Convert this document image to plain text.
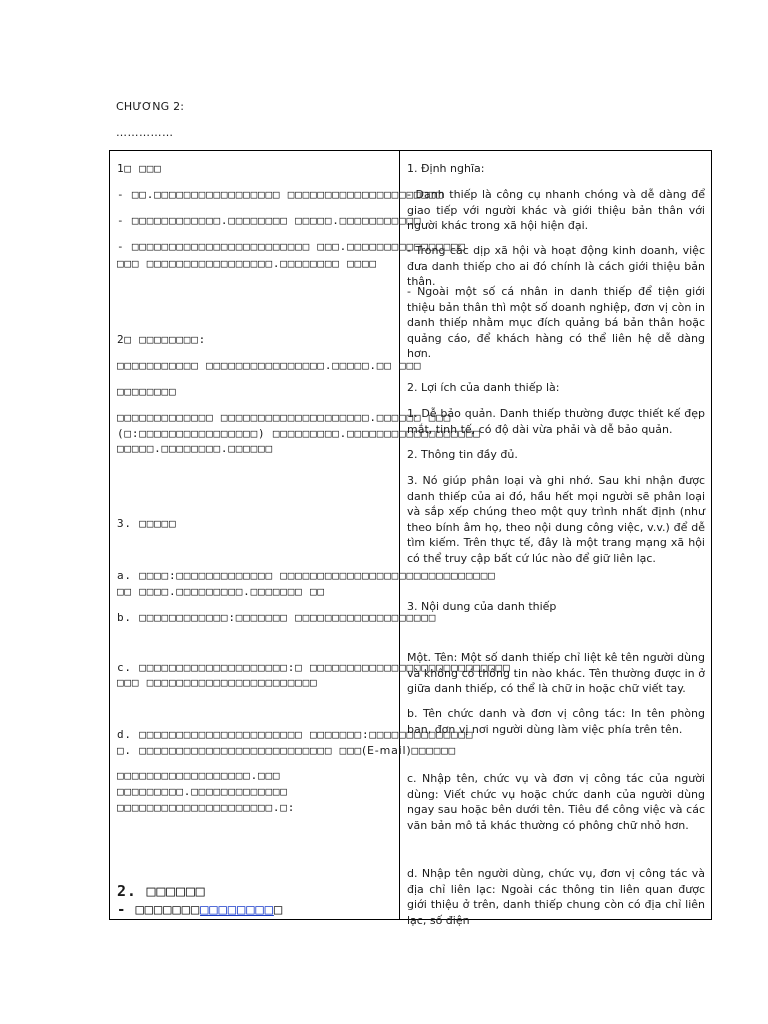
CHƯƠNG 2:
……………

1□ □□□

- □□.□□□□□□□□□□□□□□□□□ □□□□□□□□□□□□□□□□□□□□□

- □□□□□□□□□□□□.□□□□□□□□ □□□□□.□□□□□□□□□□□

- □□□□□□□□□□□□□□□□□□□□□□□□ □□□.□□□□□□□□□□□□□□□□

□□□ □□□□□□□□□□□□□□□□□.□□□□□□□□ □□□□

2□ □□□□□□□□:

□□□□□□□□□□□ □□□□□□□□□□□□□□□□.□□□□□.□□ □□□

□□□□□□□□

□□□□□□□□□□□□□ □□□□□□□□□□□□□□□□□□□□.□□□□□□ □□□

(□:□□□□□□□□□□□□□□□□) □□□□□□□□□.□□□□□□□□□□□□□□□□□□

□□□□□.□□□□□□□□.□□□□□□

3. □□□□□

a. □□□□:□□□□□□□□□□□□□ □□□□□□□□□□□□□□□□□□□□□□□□□□□□□

□□ □□□□.□□□□□□□□□.□□□□□□□ □□

b. □□□□□□□□□□□□:□□□□□□□ □□□□□□□□□□□□□□□□□□□

c. □□□□□□□□□□□□□□□□□□□□:□ □□□□□□□□□□□□□□□□□□□□□□□□□□□

□□□ □□□□□□□□□□□□□□□□□□□□□□□

d. □□□□□□□□□□□□□□□□□□□□□□ □□□□□□□:□□□□□□□□□□□□□□

□. □□□□□□□□□□□□□□□□□□□□□□□□□□ □□□(E-mail)□□□□□□

□□□□□□□□□□□□□□□□□□.□□□ □□□□□□□□□.□□□□□□□□□□□□□ □□□□□□□□□□□□□□□□□□□□□.□:

2. □□□□□□

- □□□□□□□□□□□□□□□□

1. Định nghĩa:

- Danh thiếp là công cụ nhanh chóng và dễ dàng để giao tiếp với người khác và giới thiệu bản thân với người khác trong xã hội hiện đại.

- Trong các dịp xã hội và hoạt động kinh doanh, việc đưa danh thiếp cho ai đó chính là cách giới thiệu bản thân.

- Ngoài một số cá nhân in danh thiếp để tiện giới thiệu bản thân thì một số doanh nghiệp, đơn vị còn in danh thiếp nhằm mục đích quảng bá bản thân hoặc quảng cáo, để khách hàng có thể liên hệ dễ dàng hơn.

2. Lợi ích của danh thiếp là:

1. Dễ bảo quản. Danh thiếp thường được thiết kế đẹp mắt, tinh tế, có độ dài vừa phải và dễ bảo quản.

2. Thông tin đầy đủ.

3. Nó giúp phân loại và ghi nhớ. Sau khi nhận được danh thiếp của ai đó, hầu hết mọi người sẽ phân loại và sắp xếp chúng theo một quy trình nhất định (như theo bính âm họ, theo nội dung công việc, v.v.) để dễ tìm kiếm. Trên thực tế, đây là một trang mạng xã hội có thể truy cập bất cứ lúc nào để giữ liên lạc.

3. Nội dung của danh thiếp

Một. Tên: Một số danh thiếp chỉ liệt kê tên người dùng và không có thông tin nào khác. Tên thường được in ở giữa danh thiếp, có thể là chữ in hoặc chữ viết tay.

b. Tên chức danh và đơn vị công tác: In tên phòng ban, đơn vị nơi người dùng làm việc phía trên tên.

c. Nhập tên, chức vụ và đơn vị công tác của người dùng: Viết chức vụ hoặc chức danh của người dùng ngay sau hoặc bên dưới tên. Tiêu đề công việc và các văn bản mô tả khác thường có phông chữ nhỏ hơn.

d. Nhập tên người dùng, chức vụ, đơn vị công tác và địa chỉ liên lạc: Ngoài các thông tin liên quan được giới thiệu ở trên, danh thiếp chung còn có địa chỉ liên lạc, số điện
